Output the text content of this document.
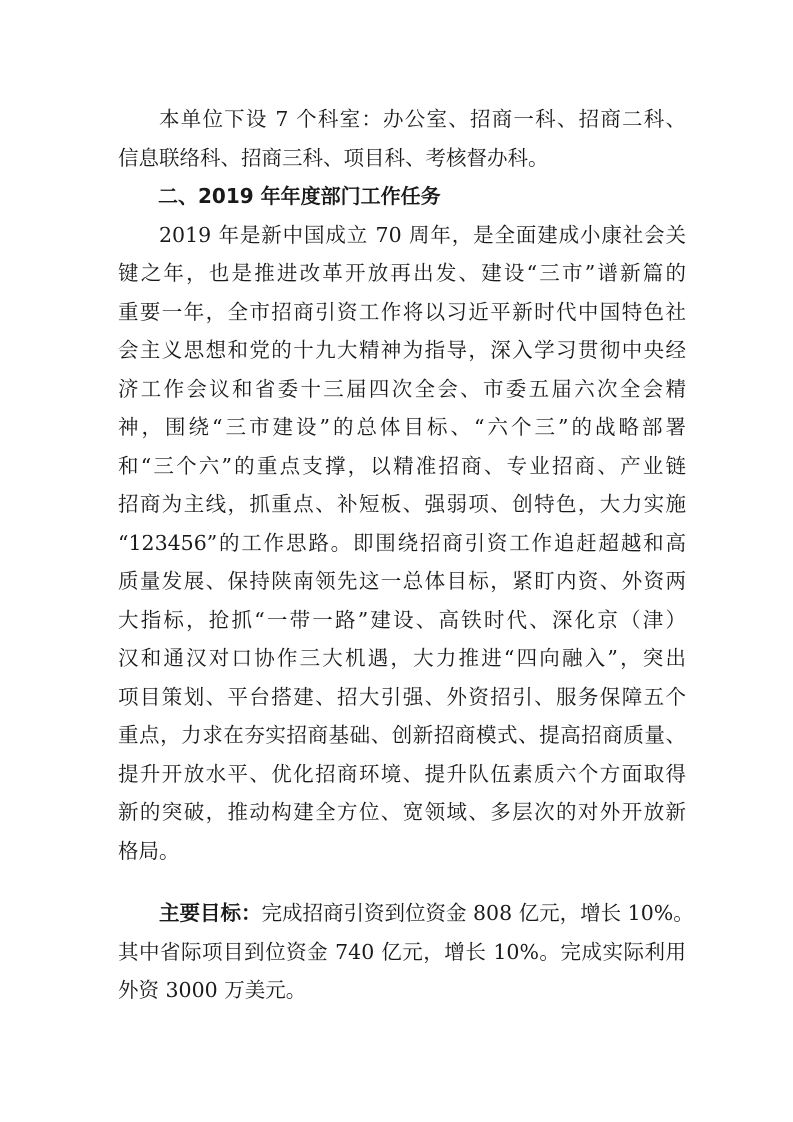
本单位下设 7 个科室：办公室、招商一科、招商二科、
信息联络科、招商三科、项目科、考核督办科。
二、2019 年年度部门工作任务
2019 年是新中国成立 70 周年，是全面建成小康社会关
键之年，也是推进改革开放再出发、建设“三市”谱新篇的
重要一年，全市招商引资工作将以习近平新时代中国特色社
会主义思想和党的十九大精神为指导，深入学习贯彻中央经
济工作会议和省委十三届四次全会、市委五届六次全会精
神，围绕“三市建设”的总体目标、“六个三”的战略部署
和“三个六”的重点支撑，以精准招商、专业招商、产业链
招商为主线，抓重点、补短板、强弱项、创特色，大力实施
“123456”的工作思路。即围绕招商引资工作追赶超越和高
质量发展、保持陕南领先这一总体目标，紧盯内资、外资两
大指标，抢抓“一带一路”建设、高铁时代、深化京（津）
汉和通汉对口协作三大机遇，大力推进“四向融入”，突出
项目策划、平台搭建、招大引强、外资招引、服务保障五个
重点，力求在夯实招商基础、创新招商模式、提高招商质量、
提升开放水平、优化招商环境、提升队伍素质六个方面取得
新的突破，推动构建全方位、宽领域、多层次的对外开放新
格局。
主要目标：完成招商引资到位资金 808 亿元，增长 10%。
其中省际项目到位资金 740 亿元，增长 10%。完成实际利用
外资 3000 万美元。
